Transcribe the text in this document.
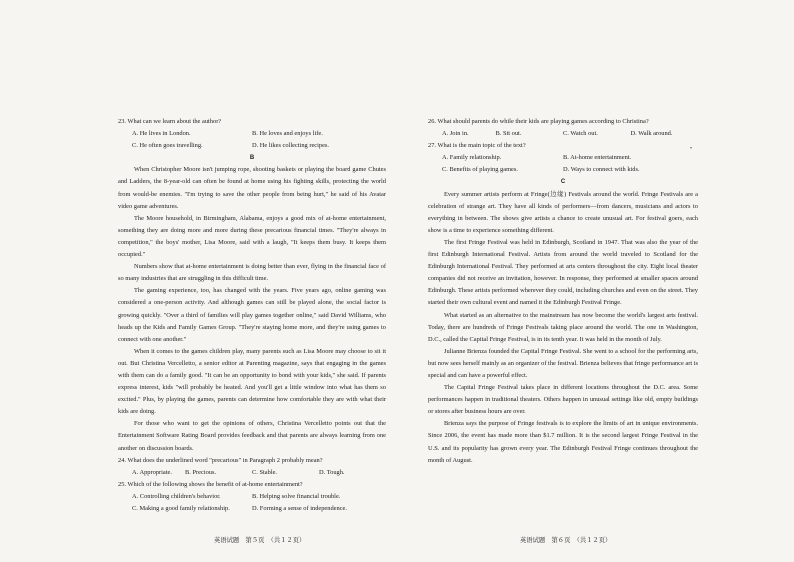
23. What can we learn about the author?

A. He lives in London.	B. He loves and enjoys life.
C. He often goes travelling.	D. He likes collecting recipes.

B

When Christopher Moore isn't jumping rope, shooting baskets or playing the board game Chutes and Ladders, the 8-year-old can often be found at home using his fighting skills, protecting the world from would-be enemies. "I'm trying to save the other people from being hurt," he said of his Avatar video game adventures.

The Moore household, in Birmingham, Alabama, enjoys a good mix of at-home entertainment, something they are doing more and more during these precarious financial times. "They're always in competition," the boys' mother, Lisa Moore, said with a laugh, "It keeps them busy. It keeps them occupied."

Numbers show that at-home entertainment is doing better than ever, flying in the financial face of so many industries that are struggling in this difficult time.

The gaming experience, too, has changed with the years. Five years ago, online gaming was considered a one-person activity. And although games can still be played alone, the social factor is growing quickly. "Over a third of families will play games together online," said David Williams, who heads up the Kids and Family Games Group. "They're staying home more, and they're using games to connect with one another."

When it comes to the games children play, many parents such as Lisa Moore may choose to sit it out. But Christina Vercelletto, a senior editor at Parenting magazine, says that engaging in the games with them can do a family good. "It can be an opportunity to bond with your kids," she said. If parents express interest, kids "will probably be heated. And you'll get a little window into what has them so excited." Plus, by playing the games, parents can determine how comfortable they are with what their kids are doing.

For those who want to get the opinions of others, Christina Vercelletto points out that the Entertainment Software Rating Board provides feedback and that parents are always learning from one another on discussion boards.

24. What does the underlined word "precarious" in Paragraph 2 probably mean?

A. Appropriate.	B. Precious.	C. Stable.	D. Tough.

25. Which of the following shows the benefit of at-home entertainment?

A. Controlling children's behavior.	B. Helping solve financial trouble.
C. Making a good family relationship.	D. Forming a sense of independence.

26. What should parents do while their kids are playing games according to Christina?

A. Join in.	B. Sit out.	C. Watch out.	D. Walk around.

27. What is the main topic of the text?

A. Family relationship.	B. At-home entertainment.
C. Benefits of playing games.	D. Ways to connect with kids.

C

Every summer artists perform at Fringe(边缘) Festivals around the world. Fringe Festivals are a celebration of strange art. They have all kinds of performers—from dancers, musicians and actors to everything in between. The shows give artists a chance to create unusual art. For festival goers, each show is a time to experience something different.

The first Fringe Festival was held in Edinburgh, Scotland in 1947. That was also the year of the first Edinburgh International Festival. Artists from around the world traveled to Scotland for the Edinburgh International Festival. They performed at arts centers throughout the city. Eight local theater companies did not receive an invitation, however. In response, they performed at smaller spaces around Edinburgh. These artists performed wherever they could, including churches and even on the street. They started their own cultural event and named it the Edinburgh Festival Fringe.

What started as an alternative to the mainstream has now become the world's largest arts festival. Today, there are hundreds of Fringe Festivals taking place around the world. The one in Washington, D.C., called the Capital Fringe Festival, is in its tenth year. It was held in the month of July.

Julianne Brienza founded the Capital Fringe Festival. She went to a school for the performing arts, but now sees herself mainly as an organizer of the festival. Brienza believes that fringe performance art is special and can have a powerful effect.

The Capital Fringe Festival takes place in different locations throughout the D.C. area. Some performances happen in traditional theaters. Others happen in unusual settings like old, empty buildings or stores after business hours are over.

Brienza says the purpose of Fringe festivals is to explore the limits of art in unique environments. Since 2006, the event has made more than $1.7 million. It is the second largest Fringe Festival in the U.S. and its popularity has grown every year. The Edinburgh Festival Fringe continues throughout the month of August.

英语试题　第５页　（共１２页）	英语试题　第６页　（共１２页）
•
